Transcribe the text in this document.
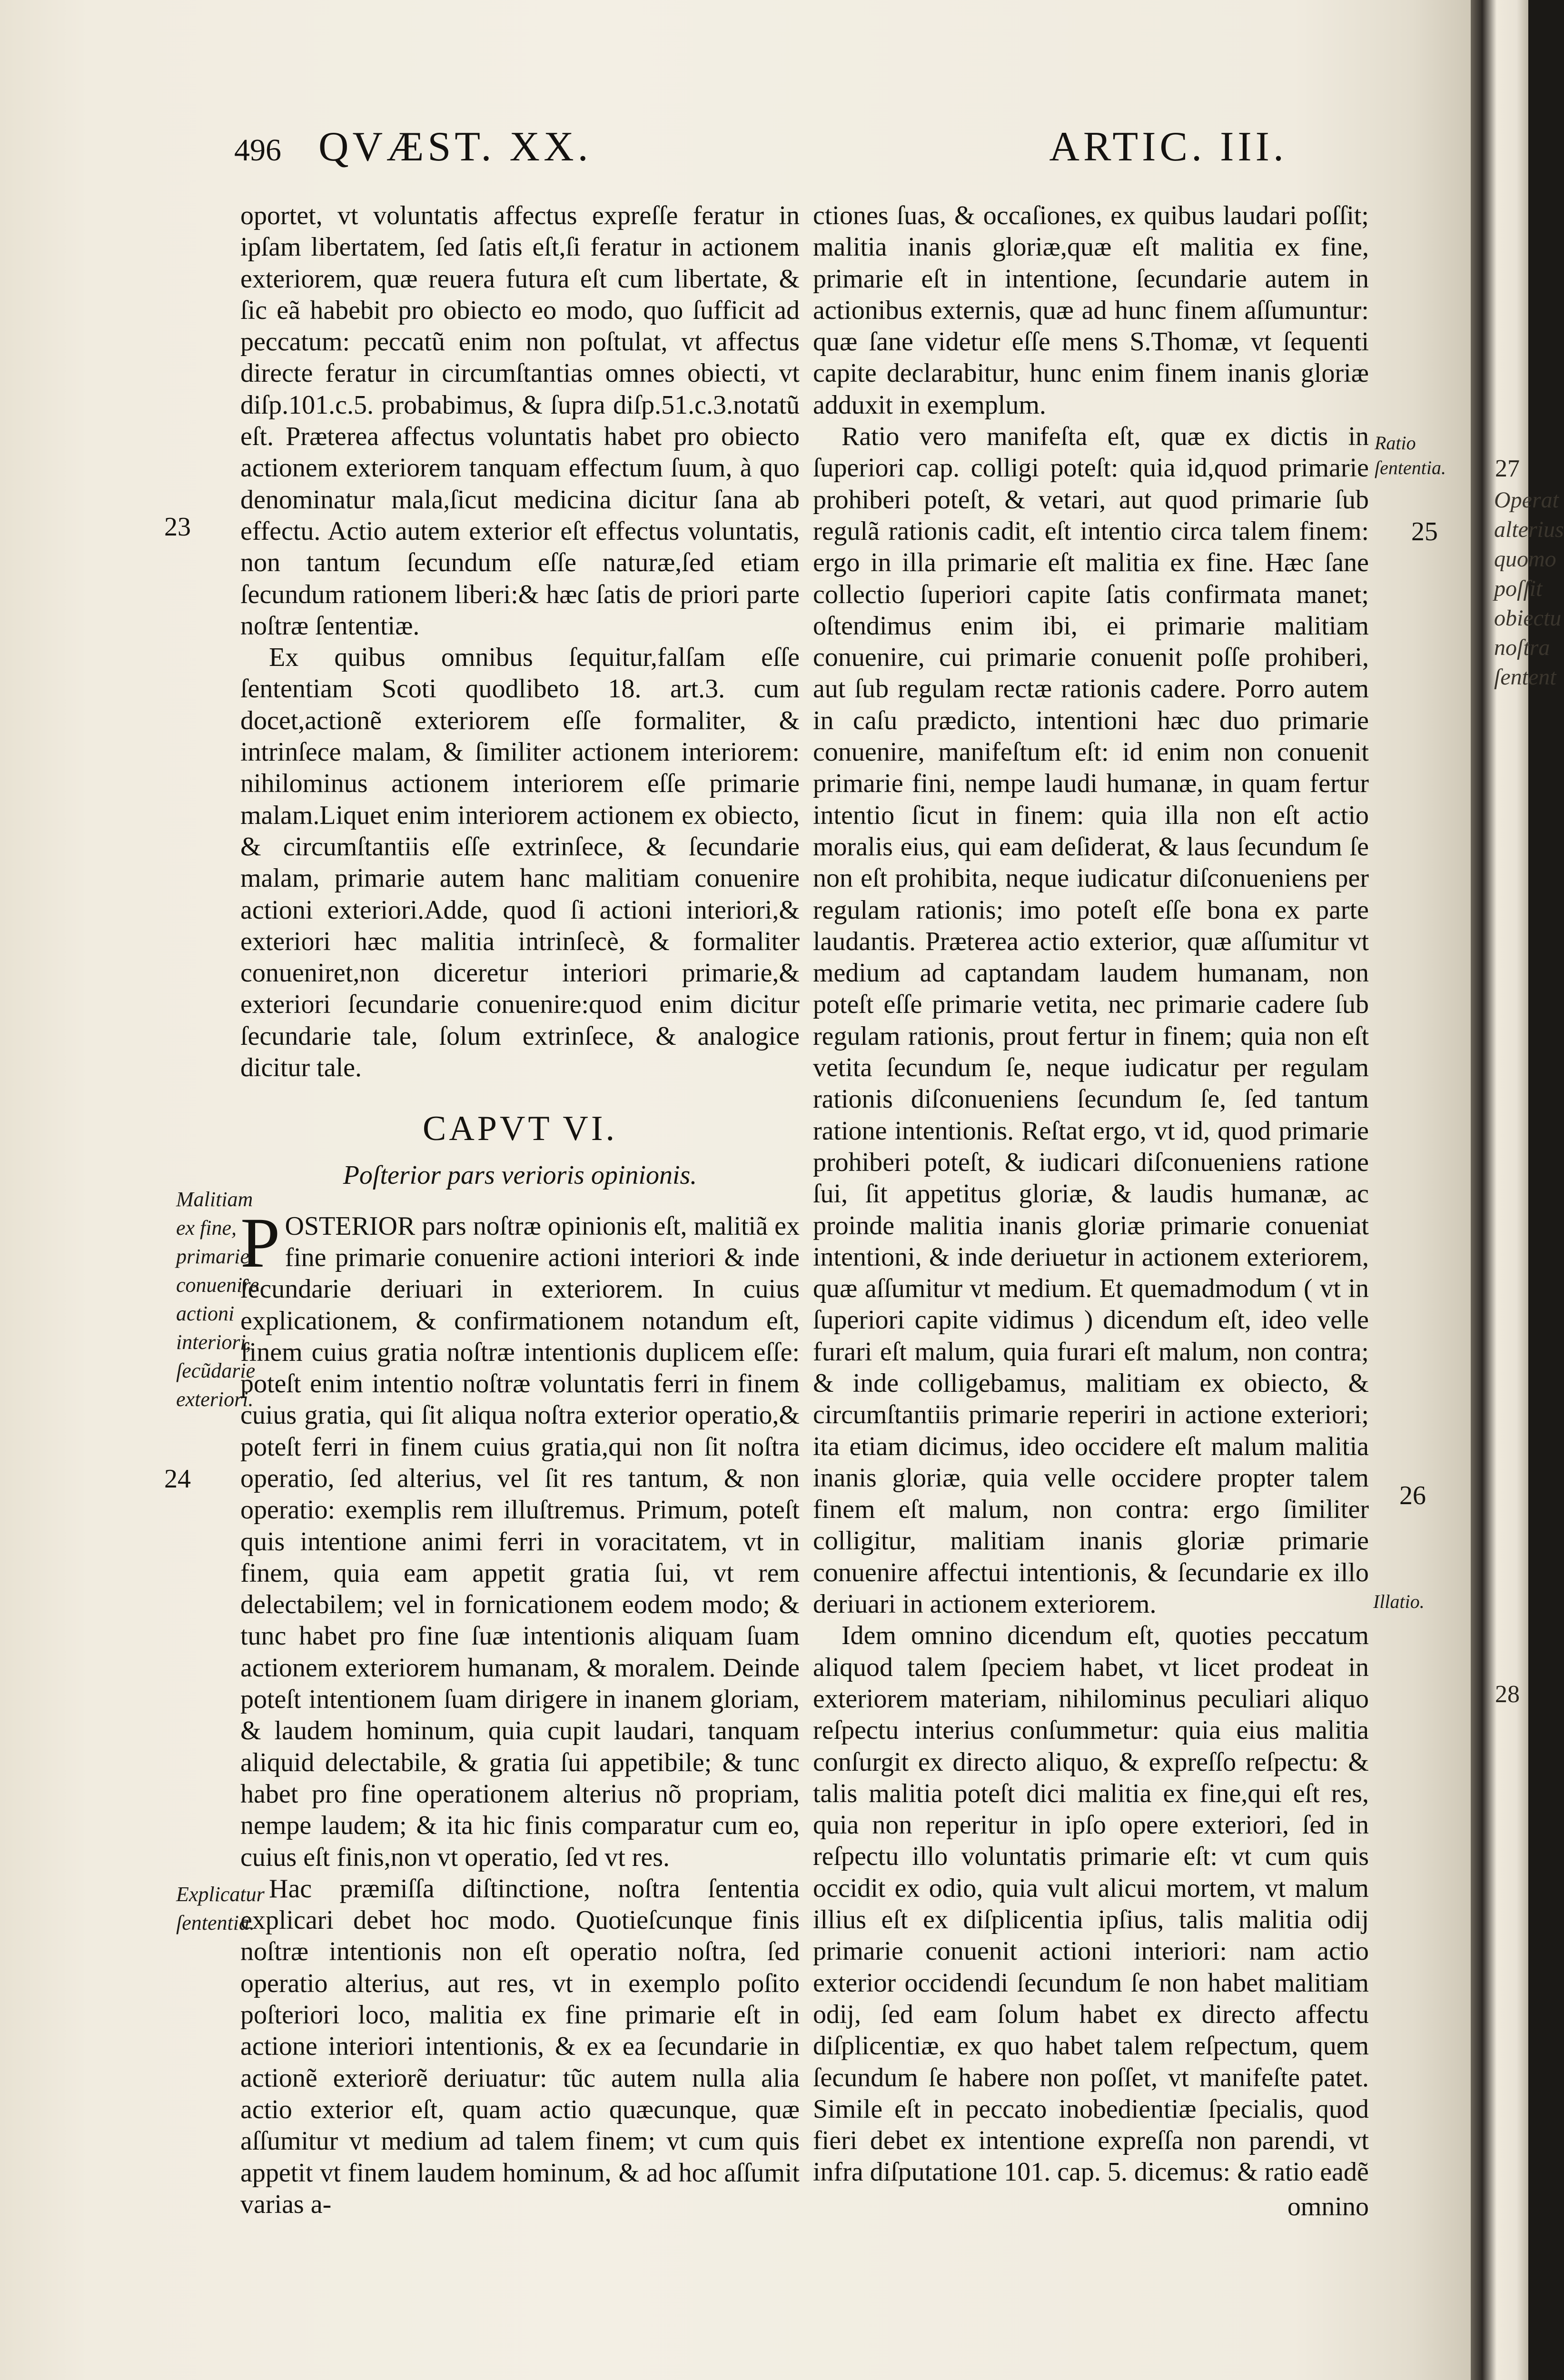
496 QVÆST. XX.	ARTIC. III.

oportet, vt voluntatis affectus expreſſe feratur in ipſam libertatem, ſed ſatis eſt,ſi feratur in actionem exteriorem, quæ reuera futura eſt cum libertate, & ſic eã habebit pro obiecto eo modo, quo ſufficit ad peccatum: peccatũ enim non poſtulat, vt affectus directe feratur in circumſtantias omnes obiecti, vt diſp.101.c.5. probabimus, & ſupra diſp.51.c.3.notatũ eſt. Præterea affectus voluntatis habet pro obiecto actionem exteriorem tanquam effectum ſuum, à quo denominatur mala,ſicut medicina dicitur ſana ab effectu. Actio autem exterior eſt effectus voluntatis, non tantum ſecundum eſſe naturæ,ſed etiam ſecundum rationem liberi:& hæc ſatis de priori parte noſtræ ſententiæ.

Ex quibus omnibus ſequitur,falſam eſſe ſententiam Scoti quodlibeto 18. art.3. cum docet,actionẽ exteriorem eſſe formaliter, & intrinſece malam, & ſimiliter actionem interiorem: nihilominus actionem interiorem eſſe primarie malam.Liquet enim interiorem actionem ex obiecto, & circumſtantiis eſſe extrinſece, & ſecundarie malam, primarie autem hanc malitiam conuenire actioni exteriori.Adde, quod ſi actioni interiori,& exteriori hæc malitia intrinſecè, & formaliter conueniret,non diceretur interiori primarie,& exteriori ſecundarie conuenire:quod enim dicitur ſecundarie tale, ſolum extrinſece, & analogice dicitur tale.

CAPVT VI.
Poſterior pars verioris opinionis.

POSTERIOR pars noſtræ opinionis eſt, malitiã ex fine primarie conuenire actioni interiori & inde ſecundarie deriuari in exteriorem. In cuius explicationem, & confirmationem notandum eſt, finem cuius gratia noſtræ intentionis duplicem eſſe: poteſt enim intentio noſtræ voluntatis ferri in finem cuius gratia, qui ſit aliqua noſtra exterior operatio,& poteſt ferri in finem cuius gratia,qui non ſit noſtra operatio, ſed alterius, vel ſit res tantum, & non operatio: exemplis rem illuſtremus. Primum, poteſt quis intentione animi ferri in voracitatem, vt in finem, quia eam appetit gratia ſui, vt rem delectabilem; vel in fornicationem eodem modo; & tunc habet pro fine ſuæ intentionis aliquam ſuam actionem exteriorem humanam, & moralem. Deinde poteſt intentionem ſuam dirigere in inanem gloriam, & laudem hominum, quia cupit laudari, tanquam aliquid delectabile, & gratia ſui appetibile; & tunc habet pro fine operationem alterius nõ propriam, nempe laudem; & ita hic finis comparatur cum eo, cuius eſt finis,non vt operatio, ſed vt res.

Hac præmiſſa diſtinctione, noſtra ſententia explicari debet hoc modo. Quotieſcunque finis noſtræ intentionis non eſt operatio noſtra, ſed operatio alterius, aut res, vt in exemplo poſito poſteriori loco, malitia ex fine primarie eſt in actione interiori intentionis, & ex ea ſecundarie in actionẽ exteriorẽ deriuatur: tũc autem nulla alia actio exterior eſt, quam actio quæcunque, quæ aſſumitur vt medium ad talem finem; vt cum quis appetit vt finem laudem hominum, & ad hoc aſſumit varias a-

ctiones ſuas, & occaſiones, ex quibus laudari poſſit; malitia inanis gloriæ,quæ eſt malitia ex fine, primarie eſt in intentione, ſecundarie autem in actionibus externis, quæ ad hunc finem aſſumuntur: quæ ſane videtur eſſe mens S.Thomæ, vt ſequenti capite declarabitur, hunc enim finem inanis gloriæ adduxit in exemplum.

Ratio vero manifeſta eſt, quæ ex dictis in ſuperiori cap. colligi poteſt: quia id,quod primarie prohiberi poteſt, & vetari, aut quod primarie ſub regulã rationis cadit, eſt intentio circa talem finem: ergo in illa primarie eſt malitia ex fine. Hæc ſane collectio ſuperiori capite ſatis confirmata manet; oſtendimus enim ibi, ei primarie malitiam conuenire, cui primarie conuenit poſſe prohiberi, aut ſub regulam rectæ rationis cadere. Porro autem in caſu prædicto, intentioni hæc duo primarie conuenire, manifeſtum eſt: id enim non conuenit primarie fini, nempe laudi humanæ, in quam fertur intentio ſicut in finem: quia illa non eſt actio moralis eius, qui eam deſiderat, & laus ſecundum ſe non eſt prohibita, neque iudicatur diſconueniens per regulam rationis; imo poteſt eſſe bona ex parte laudantis. Præterea actio exterior, quæ aſſumitur vt medium ad captandam laudem humanam, non poteſt eſſe primarie vetita, nec primarie cadere ſub regulam rationis, prout fertur in finem; quia non eſt vetita ſecundum ſe, neque iudicatur per regulam rationis diſconueniens ſecundum ſe, ſed tantum ratione intentionis. Reſtat ergo, vt id, quod primarie prohiberi poteſt, & iudicari diſconueniens ratione ſui, ſit appetitus gloriæ, & laudis humanæ, ac proinde malitia inanis gloriæ primarie conueniat intentioni, & inde deriuetur in actionem exteriorem, quæ aſſumitur vt medium. Et quemadmodum ( vt in ſuperiori capite vidimus ) dicendum eſt, ideo velle furari eſt malum, quia furari eſt malum, non contra; & inde colligebamus, malitiam ex obiecto, & circumſtantiis primarie reperiri in actione exteriori; ita etiam dicimus, ideo occidere eſt malum malitia inanis gloriæ, quia velle occidere propter talem finem eſt malum, non contra: ergo ſimiliter colligitur, malitiam inanis gloriæ primarie conuenire affectui intentionis, & ſecundarie ex illo deriuari in actionem exteriorem.

Idem omnino dicendum eſt, quoties peccatum aliquod talem ſpeciem habet, vt licet prodeat in exteriorem materiam, nihilominus peculiari aliquo reſpectu interius conſummetur: quia eius malitia conſurgit ex directo aliquo, & expreſſo reſpectu: & talis malitia poteſt dici malitia ex fine,qui eſt res, quia non reperitur in ipſo opere exteriori, ſed in reſpectu illo voluntatis primarie eſt: vt cum quis occidit ex odio, quia vult alicui mortem, vt malum illius eſt ex diſplicentia ipſius, talis malitia odij primarie conuenit actioni interiori: nam actio exterior occidendi ſecundum ſe non habet malitiam odij, ſed eam ſolum habet ex directo affectu diſplicentiæ, ex quo habet talem reſpectum, quem ſecundum ſe habere non poſſet, vt manifeſte patet. Simile eſt in peccato inobedientiæ ſpecialis, quod fieri debet ex intentione expreſſa non parendi, vt infra diſputatione 101. cap. 5. dicemus: & ratio eadẽ

omnino
23
24
25
26
Ratio ſententia.
Malitiam ex fine, primarie conuenire actioni interiori, ſecũdarie exteriori.
Explicatur ſententia.
Illatio.
27
Operat alterius quomo poſſit obiectu noſtra ſentent
28
